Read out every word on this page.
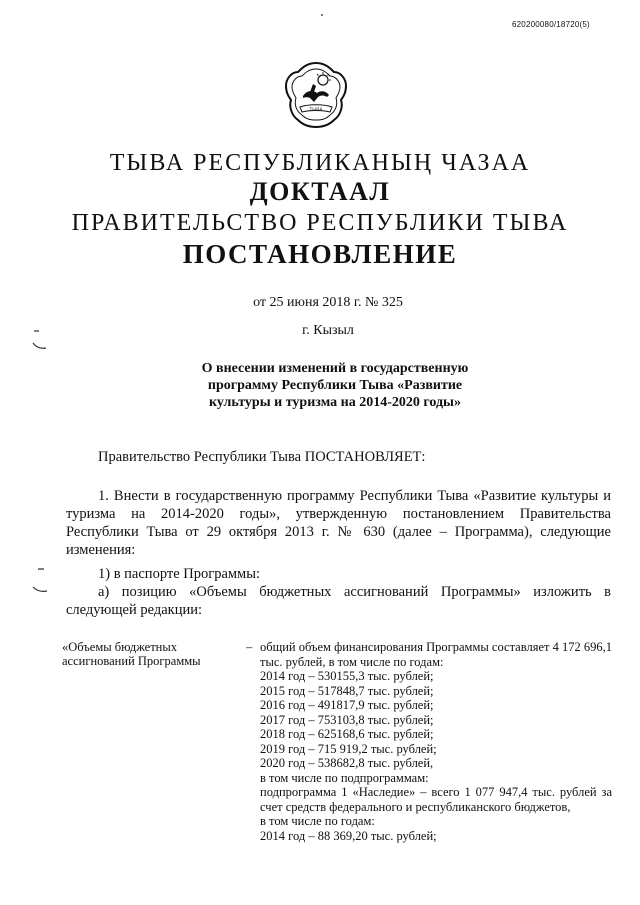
620200080/18720(5)
ТЫВА
ТЫВА РЕСПУБЛИКАНЫҢ ЧАЗАА
ДОКТААЛ
ПРАВИТЕЛЬСТВО РЕСПУБЛИКИ ТЫВА
ПОСТАНОВЛЕНИЕ
от 25 июня 2018 г. № 325
г. Кызыл
О внесении изменений в государственную
программу Республики Тыва «Развитие
культуры и туризма на 2014-2020 годы»
Правительство Республики Тыва ПОСТАНОВЛЯЕТ:
1. Внести в государственную программу Республики Тыва «Развитие культуры и туризма на 2014-2020 годы», утвержденную постановлением Правительства Республики Тыва от 29 октября 2013 г. № 630 (далее – Программа), следующие изменения:
1) в паспорте Программы:
а) позицию «Объемы бюджетных ассигнований Программы» изложить в следующей редакции:
«Объемы бюджетных ассигнований Программы
– общий объем финансирования Программы составляет 4 172 696,1 тыс. рублей, в том числе по годам:
2014 год – 530155,3 тыс. рублей;
2015 год – 517848,7 тыс. рублей;
2016 год – 491817,9 тыс. рублей;
2017 год – 753103,8 тыс. рублей;
2018 год – 625168,6 тыс. рублей;
2019 год – 715 919,2 тыс. рублей;
2020 год – 538682,8 тыс. рублей,
в том числе по подпрограммам:
подпрограмма 1 «Наследие» – всего 1 077 947,4 тыс. рублей за счет средств федерального и республиканского бюджетов,
в том числе по годам:
2014 год – 88 369,20 тыс. рублей;
